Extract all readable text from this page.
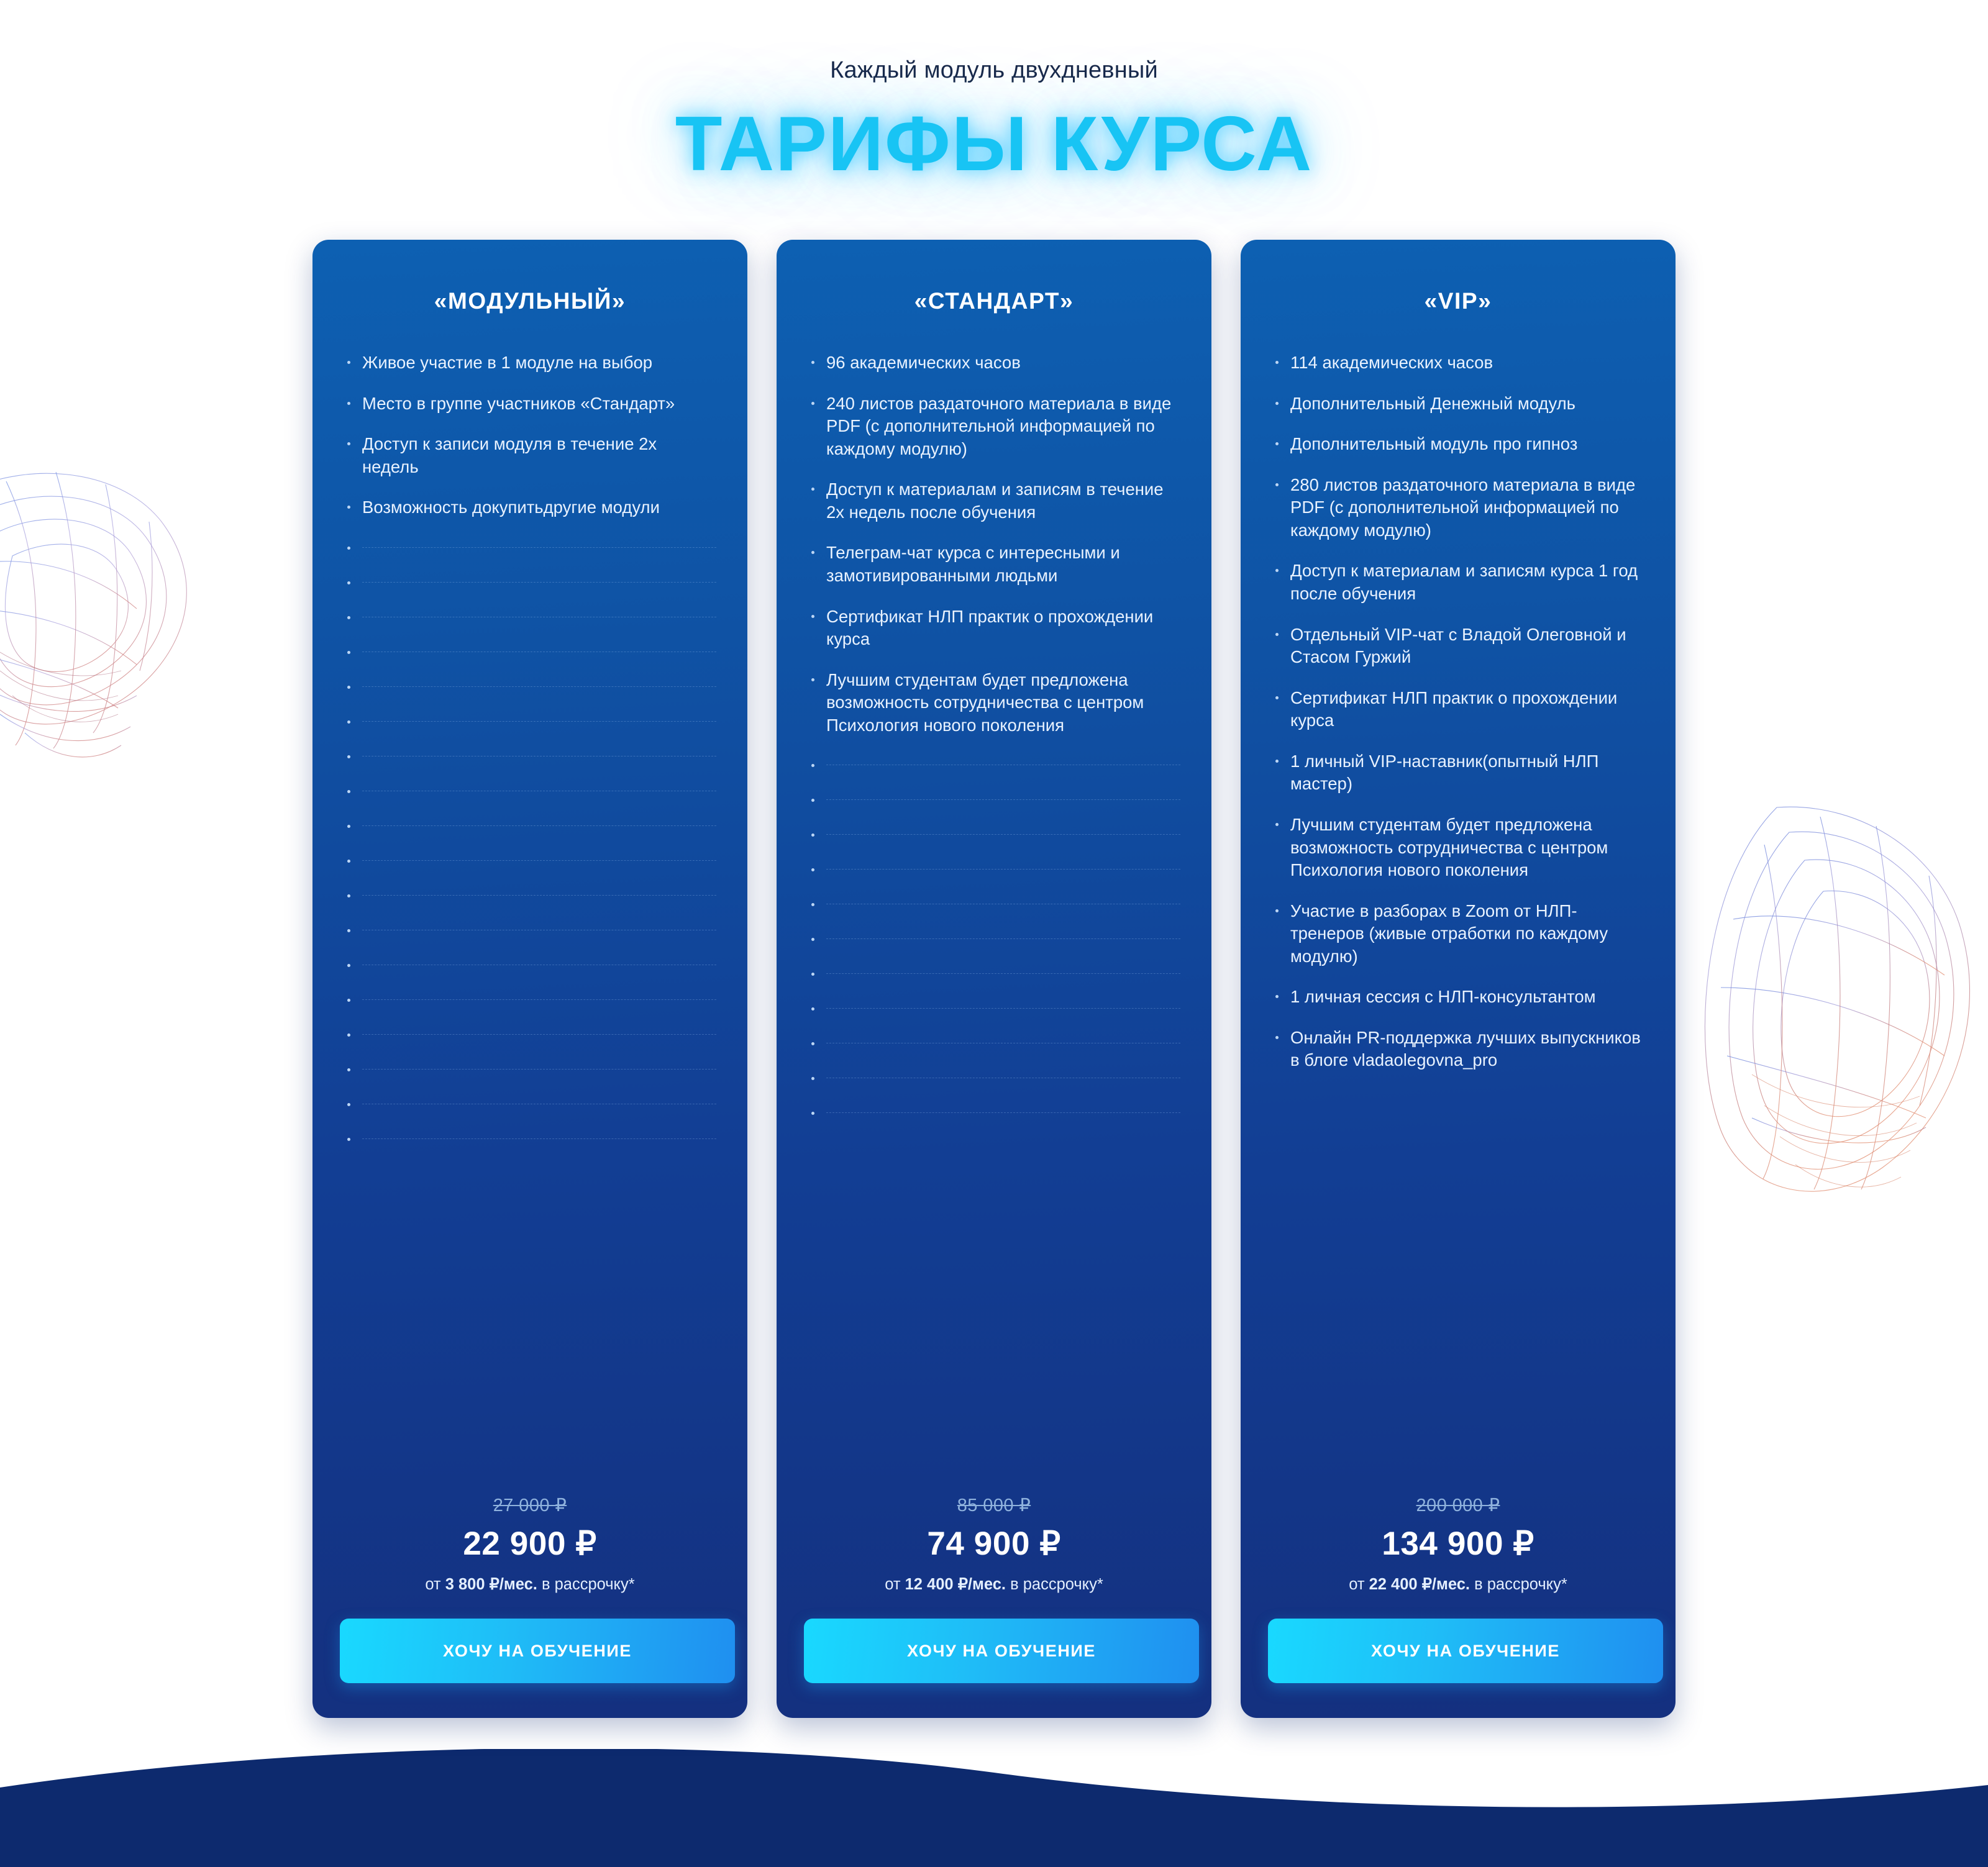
Каждый модуль двухдневный
ТАРИФЫ КУРСА
«МОДУЛЬНЫЙ»
Живое участие в 1 модуле на выбор
Место в группе участников «Стандарт»
Доступ к записи модуля в течение 2х недель
Возможность докупитьдругие модули
27 000 ₽
22 900 ₽
от 3 800 ₽/мес. в рассрочку*
ХОЧУ НА ОБУЧЕНИЕ
«СТАНДАРТ»
96 академических часов
240 листов раздаточного материала в виде PDF (с дополнительной информацией по каждому модулю)
Доступ к материалам и записям в течение 2х недель после обучения
Телеграм-чат курса с интересными и замотивированными людьми
Сертификат НЛП практик о прохождении курса
Лучшим студентам будет предложена возможность сотрудничества с центром Психология нового поколения
85 000 ₽
74 900 ₽
от 12 400 ₽/мес. в рассрочку*
ХОЧУ НА ОБУЧЕНИЕ
«VIP»
114 академических часов
Дополнительный Денежный модуль
Дополнительный модуль про гипноз
280 листов раздаточного материала в виде PDF (с дополнительной информацией по каждому модулю)
Доступ к материалам и записям курса 1 год после обучения
Отдельный VIP-чат с Владой Олеговной и Стасом Гуржий
Сертификат НЛП практик о прохождении курса
1 личный VIP-наставник(опытный НЛП мастер)
Лучшим студентам будет предложена возможность сотрудничества с центром Психология нового поколения
Участие в разборах в Zoom от НЛП-тренеров (живые отработки по каждому модулю)
1 личная сессия с НЛП-консультантом
Онлайн PR-поддержка лучших выпускников в блоге vladaolegovna_pro
200 000 ₽
134 900 ₽
от 22 400 ₽/мес. в рассрочку*
ХОЧУ НА ОБУЧЕНИЕ
